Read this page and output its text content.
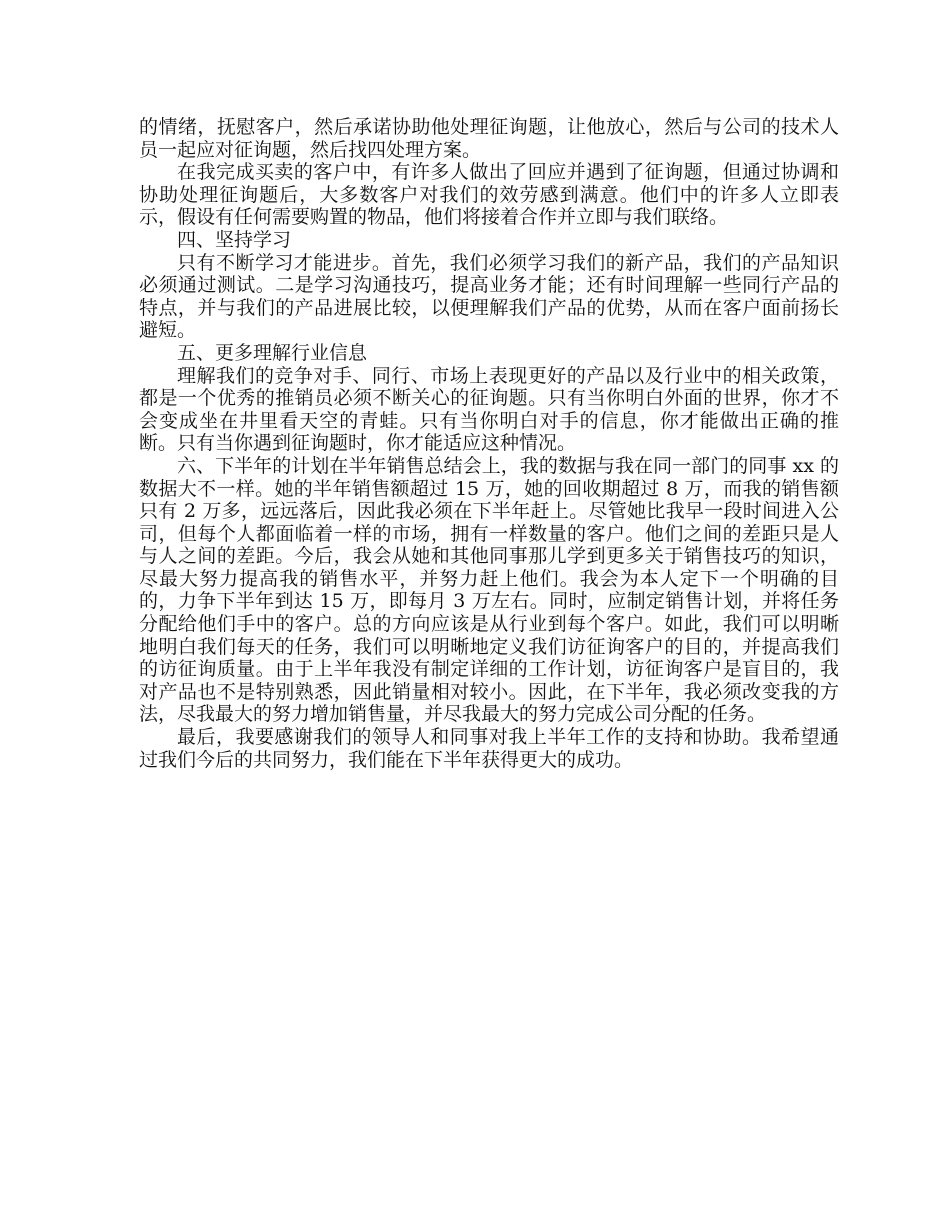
的情绪，抚慰客户，然后承诺协助他处理征询题，让他放心，然后与公司的技术人员一起应对征询题，然后找四处理方案。

在我完成买卖的客户中，有许多人做出了回应并遇到了征询题，但通过协调和协助处理征询题后，大多数客户对我们的效劳感到满意。他们中的许多人立即表示，假设有任何需要购置的物品，他们将接着合作并立即与我们联络。

四、坚持学习

只有不断学习才能进步。首先，我们必须学习我们的新产品，我们的产品知识必须通过测试。二是学习沟通技巧，提高业务才能；还有时间理解一些同行产品的特点，并与我们的产品进展比较，以便理解我们产品的优势，从而在客户面前扬长避短。

五、更多理解行业信息

理解我们的竞争对手、同行、市场上表现更好的产品以及行业中的相关政策，都是一个优秀的推销员必须不断关心的征询题。只有当你明白外面的世界，你才不会变成坐在井里看天空的青蛙。只有当你明白对手的信息，你才能做出正确的推断。只有当你遇到征询题时，你才能适应这种情况。

六、下半年的计划在半年销售总结会上，我的数据与我在同一部门的同事 xx 的数据大不一样。她的半年销售额超过 15 万，她的回收期超过 8 万，而我的销售额只有 2 万多，远远落后，因此我必须在下半年赶上。尽管她比我早一段时间进入公司，但每个人都面临着一样的市场，拥有一样数量的客户。他们之间的差距只是人与人之间的差距。今后，我会从她和其他同事那儿学到更多关于销售技巧的知识，尽最大努力提高我的销售水平，并努力赶上他们。我会为本人定下一个明确的目的，力争下半年到达 15 万，即每月 3 万左右。同时，应制定销售计划，并将任务分配给他们手中的客户。总的方向应该是从行业到每个客户。如此，我们可以明晰地明白我们每天的任务，我们可以明晰地定义我们访征询客户的目的，并提高我们的访征询质量。由于上半年我没有制定详细的工作计划，访征询客户是盲目的，我对产品也不是特别熟悉，因此销量相对较小。因此，在下半年，我必须改变我的方法，尽我最大的努力增加销售量，并尽我最大的努力完成公司分配的任务。

最后，我要感谢我们的领导人和同事对我上半年工作的支持和协助。我希望通过我们今后的共同努力，我们能在下半年获得更大的成功。
